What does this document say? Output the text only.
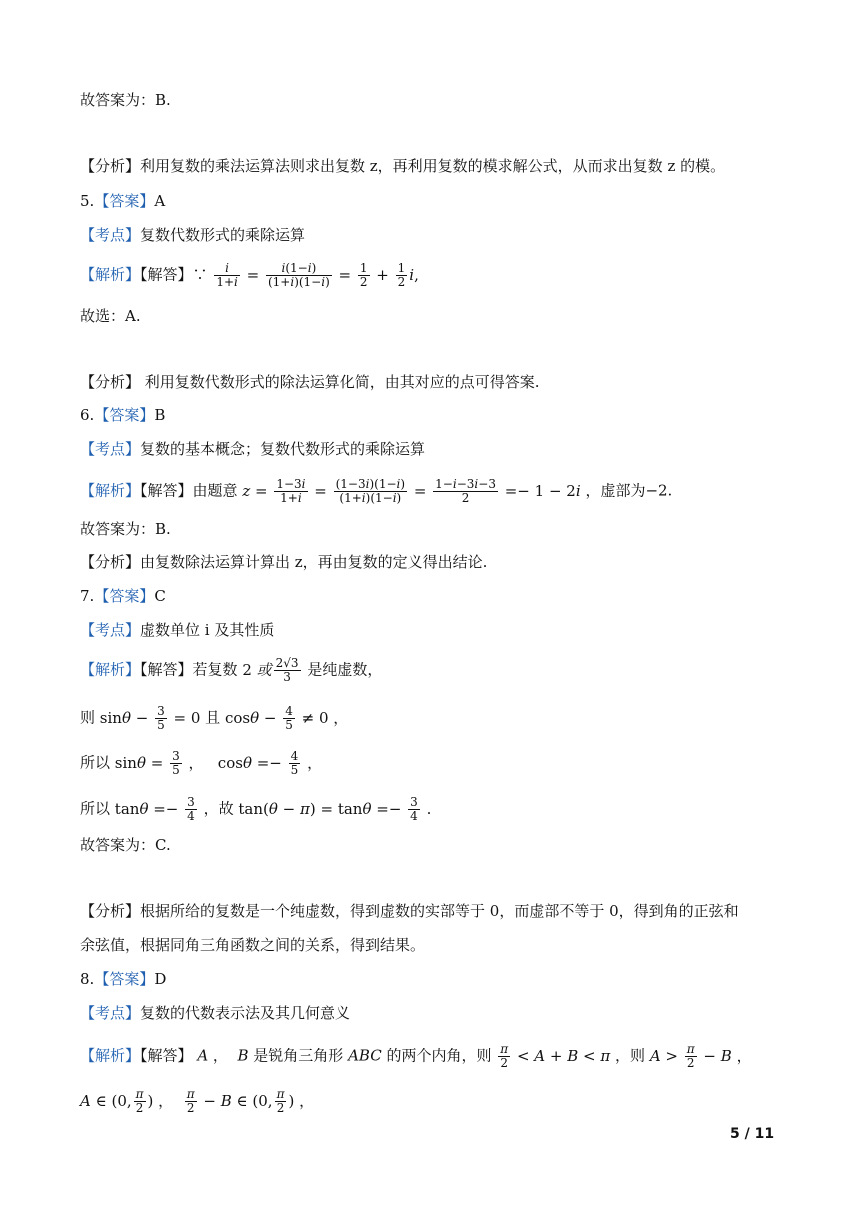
故答案为：B.
【分析】利用复数的乘法运算法则求出复数 z，再利用复数的模求解公式，从而求出复数 z 的模。
5.【答案】A
【考点】复数代数形式的乘除运算
【解析】【解答】∵ $\frac{i}{1+i} = \frac{i(1-i)}{(1+i)(1-i)} = \frac{1}{2} + \frac{1}{2} i$,
故选：A.
【分析】 利用复数代数形式的除法运算化简，由其对应的点可得答案.
6.【答案】B
【考点】复数的基本概念；复数代数形式的乘除运算
【解析】【解答】由题意 $z = \frac{1-3i}{1+i} = \frac{(1-3i)(1-i)}{(1+i)(1-i)} = \frac{1-i-3i-3}{2} =- 1 - 2i$ ，虚部为−2.
故答案为：B.
【分析】由复数除法运算计算出 z，再由复数的定义得出结论.
7.【答案】C
【考点】虚数单位 i 及其性质
【解析】【解答】若复数 2 或 $\frac{2√3}{3}$ 是纯虚数，
则 $\sin\theta - \frac{3}{5} = 0$ 且 $\cos\theta - \frac{4}{5} \ne 0$ ，
所以 $\sin\theta = \frac{3}{5}$ ，   $\cos\theta =- \frac{4}{5}$ ，
所以 $\tan\theta =- \frac{3}{4}$ ，故 $\tan(\theta - \pi) = \tan\theta =- \frac{3}{4}$ .
故答案为：C.
【分析】根据所给的复数是一个纯虚数，得到虚数的实部等于 0，而虚部不等于 0，得到角的正弦和
余弦值，根据同角三角函数之间的关系，得到结果。
8.【答案】D
【考点】复数的代数表示法及其几何意义
【解析】【解答】 A ，  B 是锐角三角形 ABC 的两个内角，则 $\frac{\pi}{2} < A + B < \pi$ ，则 $A > \frac{\pi}{2} - B$ ，
A ∈ (0, $\frac{\pi}{2}$ ) ， $\frac{\pi}{2} - B$ ∈ (0, $\frac{\pi}{2}$ ) ，
5 / 11
